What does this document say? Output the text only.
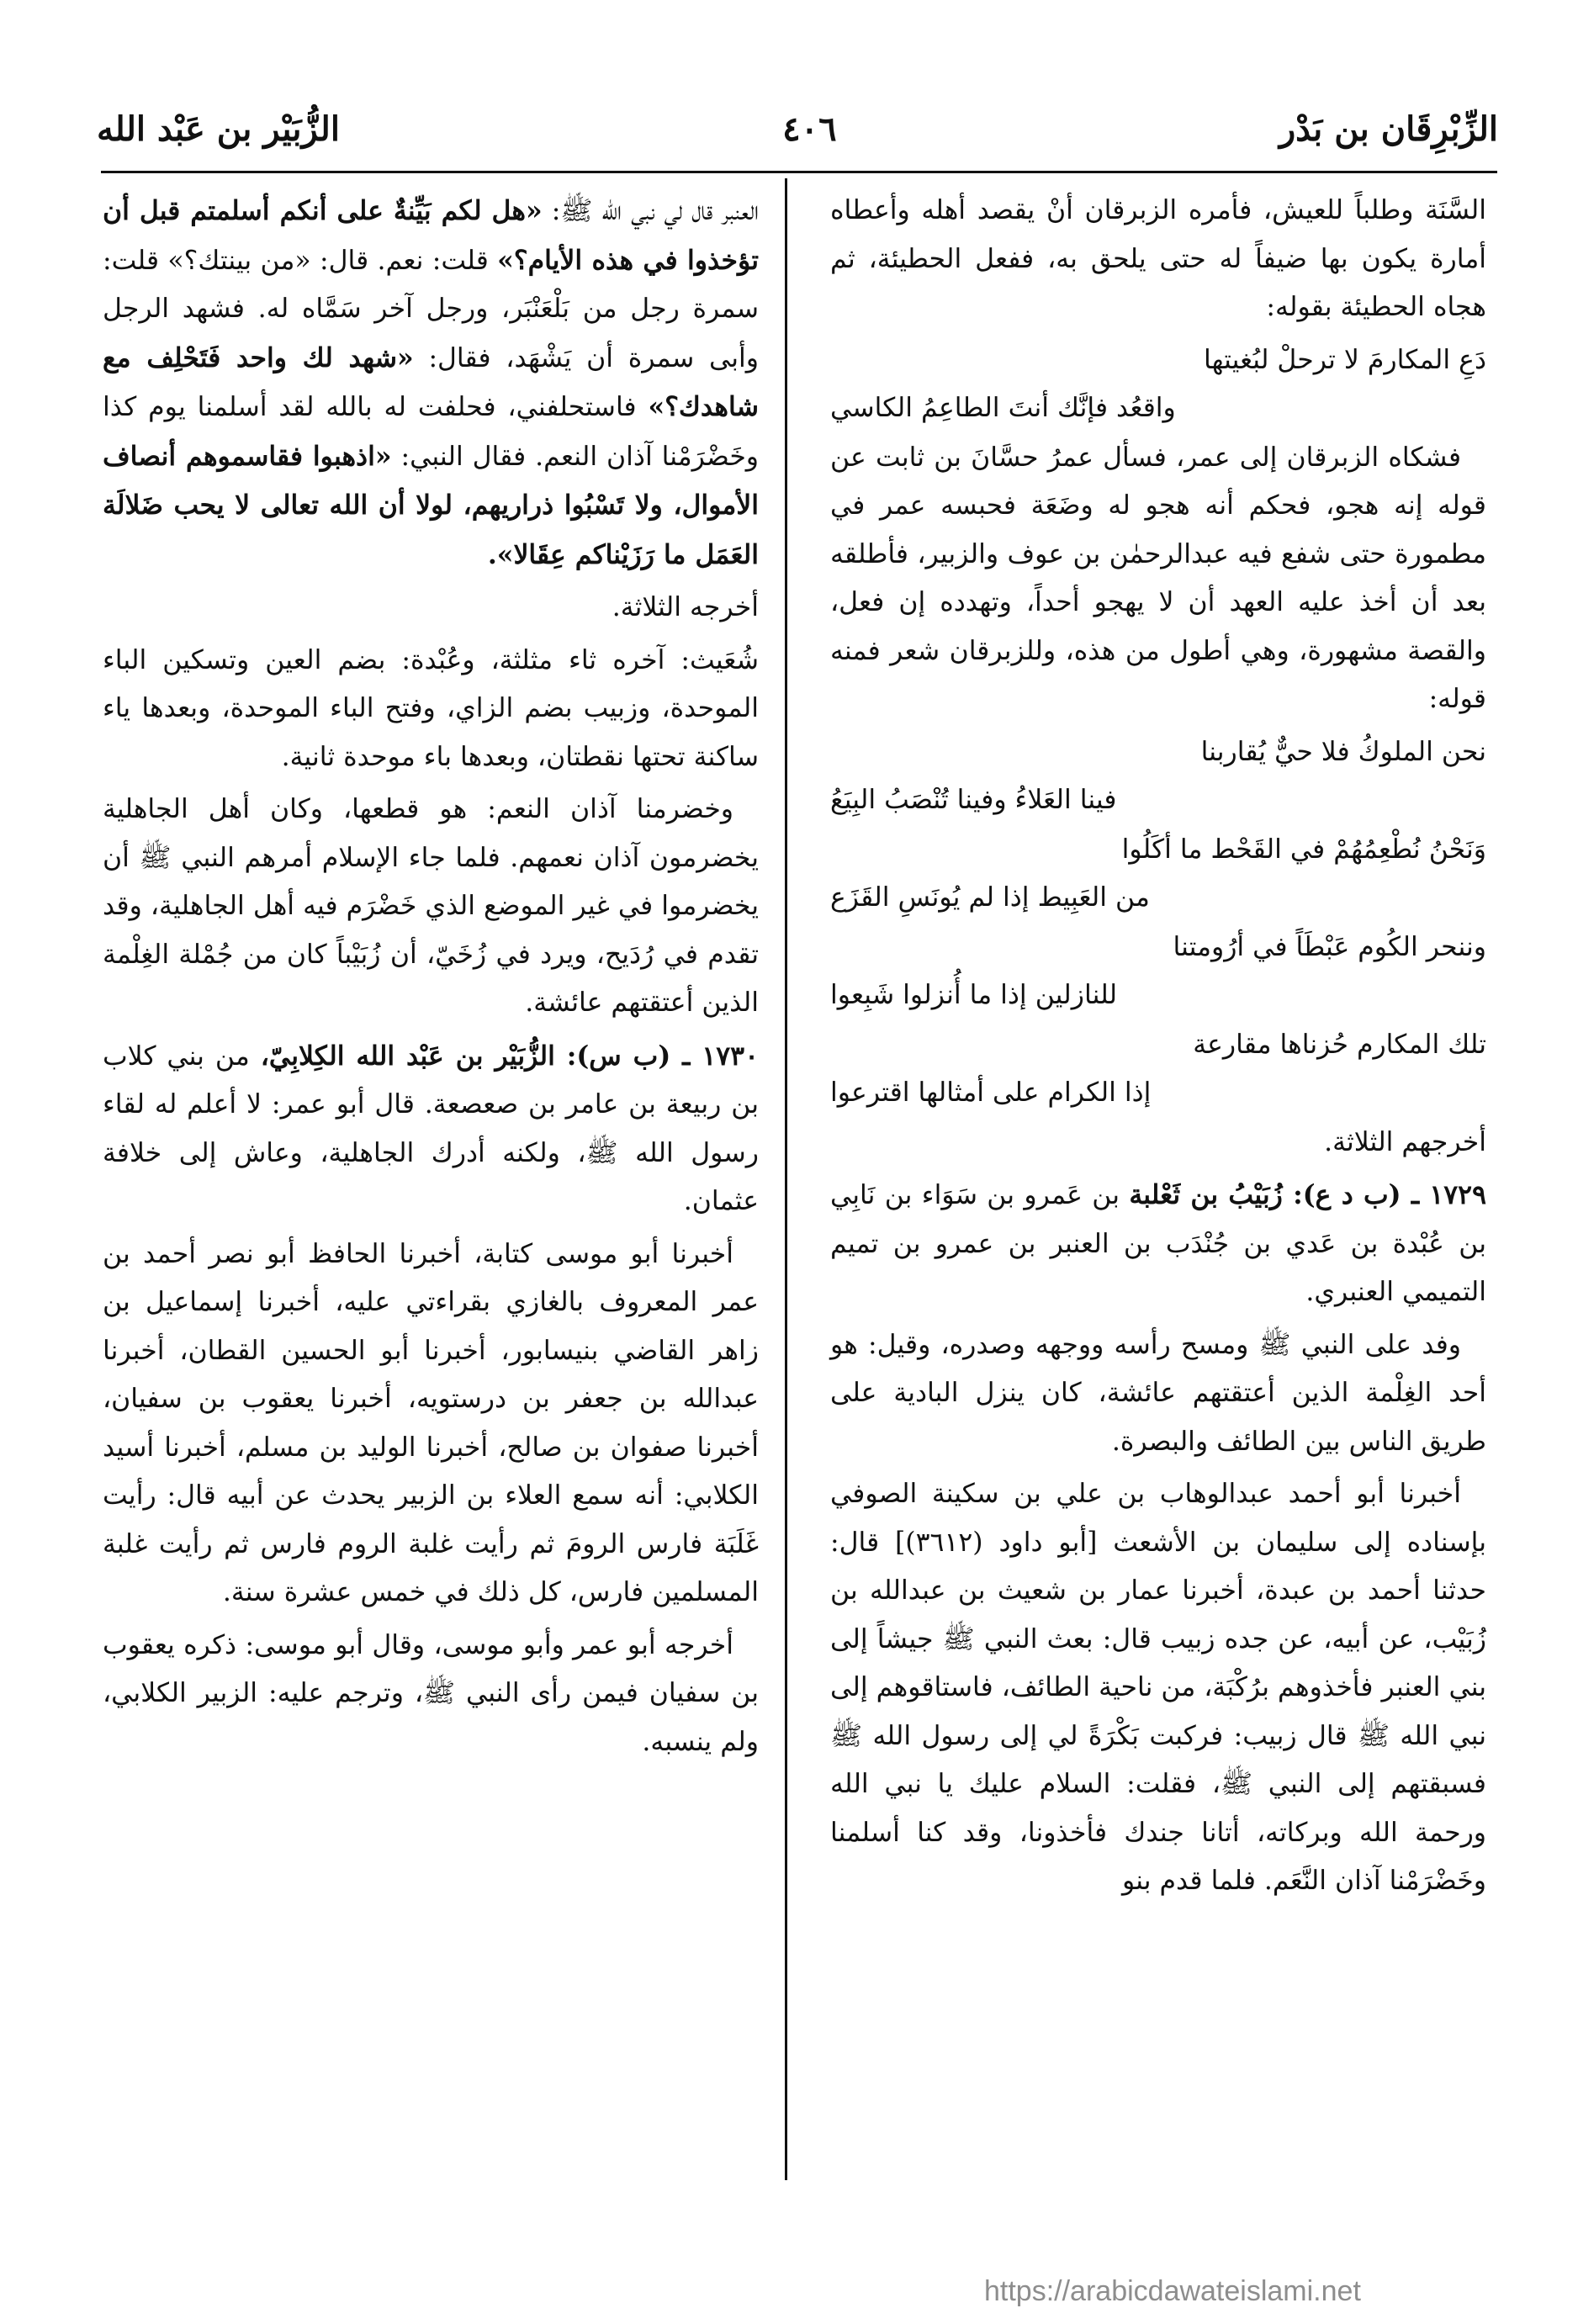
الزِّبْرِقَان بن بَدْر
٤٠٦
الزُّبَيْر بن عَبْد الله

السَّنَة وطلباً للعيش، فأمره الزبرقان أنْ يقصد أهله وأعطاه أمارة يكون بها ضيفاً له حتى يلحق به، ففعل الحطيئة، ثم هجاه الحطيئة بقوله:

دَعِ المكارمَ لا ترحلْ لبُغيتها
واقعُد فإنَّك أنتَ الطاعِمُ الكاسي

فشكاه الزبرقان إلى عمر، فسأل عمرُ حسَّانَ بن ثابت عن قوله إنه هجو، فحكم أنه هجو له وضَعَة فحبسه عمر في مطمورة حتى شفع فيه عبدالرحمٰن بن عوف والزبير، فأطلقه بعد أن أخذ عليه العهد أن لا يهجو أحداً، وتهدده إن فعل، والقصة مشهورة، وهي أطول من هذه، وللزبرقان شعر فمنه قوله:

نحن الملوكُ فلا حيٌّ يُقاربنا
فينا العَلاءُ وفينا تُنْصَبُ البِيَعُ
وَنَحْنُ نُطْعِمُهُمْ في القَحْط ما أكَلُوا
من العَبِيط إذا لم يُونَسِ القَزَع
وننحر الكُوم عَبْطَاً في أرُومتنا
للنازلين إذا ما أُنزلوا شَبِعوا
تلك المكارم حُزناها مقارعة
إذا الكرام على أمثالها اقترعوا

أخرجهم الثلاثة.

١٧٢٩ ـ (ب د ع): زُبَيْبُ بن ثَعْلبة بن عَمرو بن سَوَاء بن نَابِي بن عُبْدة بن عَدي بن جُنْدَب بن العنبر بن عمرو بن تميم التميمي العنبري.

وفد على النبي ﷺ ومسح رأسه ووجهه وصدره، وقيل: هو أحد الغِلْمة الذين أعتقتهم عائشة، كان ينزل البادية على طريق الناس بين الطائف والبصرة.

أخبرنا أبو أحمد عبدالوهاب بن علي بن سكينة الصوفي بإسناده إلى سليمان بن الأشعث [أبو داود (٣٦١٢)] قال: حدثنا أحمد بن عبدة، أخبرنا عمار بن شعيث بن عبدالله بن زُبَيْب، عن أبيه، عن جده زبيب قال: بعث النبي ﷺ جيشاً إلى بني العنبر فأخذوهم برُكْبَة، من ناحية الطائف، فاستاقوهم إلى نبي الله ﷺ قال زبيب: فركبت بَكْرَةً لي إلى رسول الله ﷺ فسبقتهم إلى النبي ﷺ، فقلت: السلام عليك يا نبي الله ورحمة الله وبركاته، أتانا جندك فأخذونا، وقد كنا أسلمنا وخَضْرَمْنا آذان النَّعَم. فلما قدم بنو

العنبر قال لي نبي الله ﷺ: «هل لكم بَيِّنةٌ على أنكم أسلمتم قبل أن تؤخذوا في هذه الأيام؟» قلت: نعم. قال: «من بينتك؟» قلت: سمرة رجل من بَلْعَنْبَر، ورجل آخر سَمَّاه له. فشهد الرجل وأبى سمرة أن يَشْهَد، فقال: «شهد لك واحد فَتَحْلِف مع شاهدك؟» فاستحلفني، فحلفت له بالله لقد أسلمنا يوم كذا وخَضْرَمْنا آذان النعم. فقال النبي: «اذهبوا فقاسموهم أنصاف الأموال، ولا تَسْبُوا ذراريهم، لولا أن الله تعالى لا يحب ضَلالَة العَمَل ما رَزَيْناكم عِقَالا».

أخرجه الثلاثة.

شُعَيث: آخره ثاء مثلثة، وعُبْدة: بضم العين وتسكين الباء الموحدة، وزبيب بضم الزاي، وفتح الباء الموحدة، وبعدها ياء ساكنة تحتها نقطتان، وبعدها باء موحدة ثانية.

وخضرمنا آذان النعم: هو قطعها، وكان أهل الجاهلية يخضرمون آذان نعمهم. فلما جاء الإسلام أمرهم النبي ﷺ أن يخضرموا في غير الموضع الذي خَضْرَم فيه أهل الجاهلية، وقد تقدم في رُدَيح، ويرد في زُخَيّ، أن زُبَيْباً كان من جُمْلة الغِلْمة الذين أعتقتهم عائشة.

١٧٣٠ ـ (ب س): الزُّبَيْر بن عَبْد الله الكِلابِيّ، من بني كلاب بن ربيعة بن عامر بن صعصعة. قال أبو عمر: لا أعلم له لقاء رسول الله ﷺ، ولكنه أدرك الجاهلية، وعاش إلى خلافة عثمان.

أخبرنا أبو موسى كتابة، أخبرنا الحافظ أبو نصر أحمد بن عمر المعروف بالغازي بقراءتي عليه، أخبرنا إسماعيل بن زاهر القاضي بنيسابور، أخبرنا أبو الحسين القطان، أخبرنا عبدالله بن جعفر بن درستويه، أخبرنا يعقوب بن سفيان، أخبرنا صفوان بن صالح، أخبرنا الوليد بن مسلم، أخبرنا أسيد الكلابي: أنه سمع العلاء بن الزبير يحدث عن أبيه قال: رأيت غَلَبَة فارس الرومَ ثم رأيت غلبة الروم فارس ثم رأيت غلبة المسلمين فارس، كل ذلك في خمس عشرة سنة.

أخرجه أبو عمر وأبو موسى، وقال أبو موسى: ذكره يعقوب بن سفيان فيمن رأى النبي ﷺ، وترجم عليه: الزبير الكلابي، ولم ينسبه.

https://arabicdawateislami.net
